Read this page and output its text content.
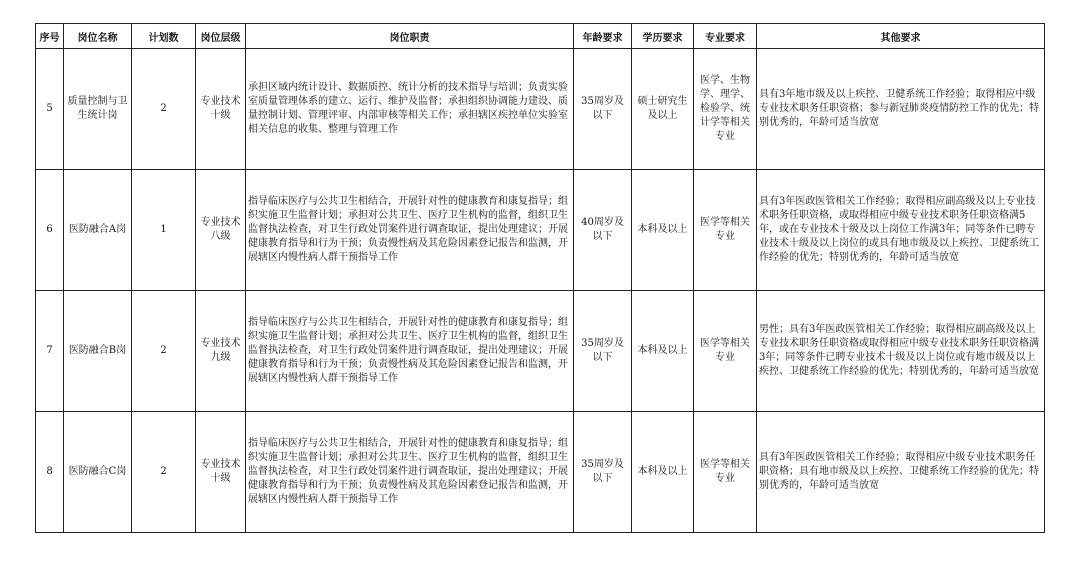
序号	岗位名称	计划数	岗位层级	岗位职责	年龄要求	学历要求	专业要求	其他要求
5	质量控制与卫生统计岗	2	专业技术十级	承担区域内统计设计、数据质控、统计分析的技术指导与培训；负责实验室质量管理体系的建立、运行、维护及监督；承担组织协调能力建设、质量控制计划、管理评审、内部审核等相关工作；承担辖区疾控单位实验室相关信息的收集、整理与管理工作	35周岁及以下	硕士研究生及以上	医学、生物学、理学、检验学、统计学等相关专业	具有3年地市级及以上疾控、卫健系统工作经验；取得相应中级专业技术职务任职资格；参与新冠肺炎疫情防控工作的优先；特别优秀的，年龄可适当放宽
6	医防融合A岗	1	专业技术八级	指导临床医疗与公共卫生相结合，开展针对性的健康教育和康复指导；组织实施卫生监督计划；承担对公共卫生、医疗卫生机构的监督，组织卫生监督执法检查，对卫生行政处罚案件进行调查取证，提出处理建议；开展健康教育指导和行为干预；负责慢性病及其危险因素登记报告和监测，开展辖区内慢性病人群干预指导工作	40周岁及以下	本科及以上	医学等相关专业	具有3年医政医管相关工作经验；取得相应副高级及以上专业技术职务任职资格，或取得相应中级专业技术职务任职资格满5年，或在专业技术十级及以上岗位工作满3年；同等条件已聘专业技术十级及以上岗位的或具有地市级及以上疾控、卫健系统工作经验的优先；特别优秀的，年龄可适当放宽
7	医防融合B岗	2	专业技术九级	指导临床医疗与公共卫生相结合，开展针对性的健康教育和康复指导；组织实施卫生监督计划；承担对公共卫生、医疗卫生机构的监督，组织卫生监督执法检查，对卫生行政处罚案件进行调查取证，提出处理建议；开展健康教育指导和行为干预；负责慢性病及其危险因素登记报告和监测，开展辖区内慢性病人群干预指导工作	35周岁及以下	本科及以上	医学等相关专业	男性；具有3年医政医管相关工作经验；取得相应副高级及以上专业技术职务任职资格或取得相应中级专业技术职务任职资格满3年；同等条件已聘专业技术十级及以上岗位或有地市级及以上疾控、卫健系统工作经验的优先；特别优秀的，年龄可适当放宽
8	医防融合C岗	2	专业技术十级	指导临床医疗与公共卫生相结合，开展针对性的健康教育和康复指导；组织实施卫生监督计划；承担对公共卫生、医疗卫生机构的监督，组织卫生监督执法检查，对卫生行政处罚案件进行调查取证，提出处理建议；开展健康教育指导和行为干预；负责慢性病及其危险因素登记报告和监测，开展辖区内慢性病人群干预指导工作	35周岁及以下	本科及以上	医学等相关专业	具有3年医政医管相关工作经验；取得相应中级专业技术职务任职资格；具有地市级及以上疾控、卫健系统工作经验的优先；特别优秀的，年龄可适当放宽
